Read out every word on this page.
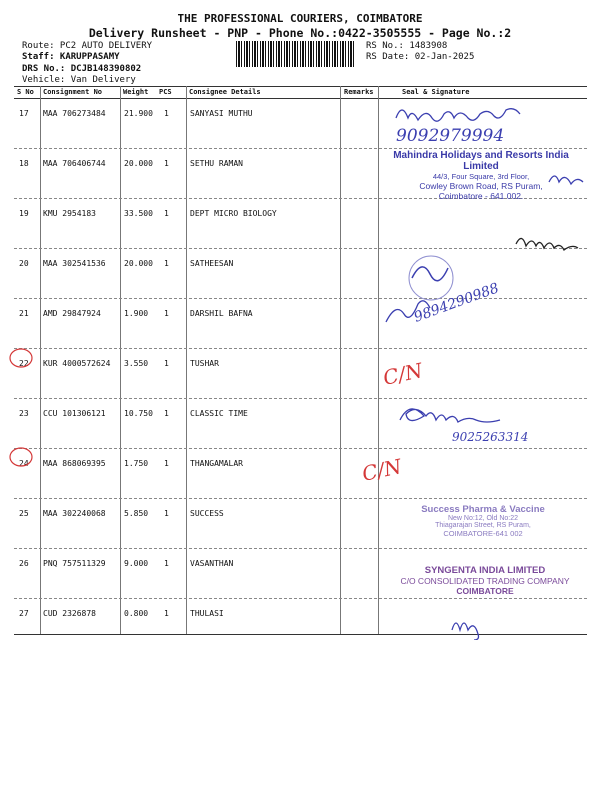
THE PROFESSIONAL COURIERS, COIMBATORE
Delivery Runsheet - PNP - Phone No.:0422-3505555 - Page No.:2
Route: PC2 AUTO DELIVERY
Staff: KARUPPASAMY
DRS No.: DCJB148390802
Vehicle: Van Delivery
RS No.: 1483908
RS Date: 02-Jan-2025
S No Consignment No	Weight PCS Consignee Details	Remarks	Seal & Signature
17 MAA 706273484 21.900 1	SANYASI MUTHU
18 MAA 706406744 20.000 1	SETHU RAMAN
19 KMU 2954183	33.500 1	DEPT MICRO BIOLOGY
20 MAA 302541536 20.000 1	SATHEESAN
21 AMD 29847924	1.900 1	DARSHIL BAFNA
22 KUR 4000572624 3.550 1	TUSHAR
23 CCU 101306121 10.750 1	CLASSIC TIME
24 MAA 868069395 1.750 1	THANGAMALAR
25 MAA 302240068 5.850 1	SUCCESS
26 PNQ 757511329 9.000 1	VASANTHAN
27 CUD 2326878	0.800 1	THULASI
9092979994
9894290988
C/N
C/N
9025263314
Mahindra Holidays and Resorts India Limited
44/3, Four Square, 3rd Floor,
Cowley Brown Road, RS Puram,
Coimbatore - 641 002.
Success Pharma & Vaccine
New No:12, Old No:22
Thiagarajan Street, RS Puram,
COIMBATORE-641 002
SYNGENTA INDIA LIMITED
C/O CONSOLIDATED TRADING COMPANY
COIMBATORE
